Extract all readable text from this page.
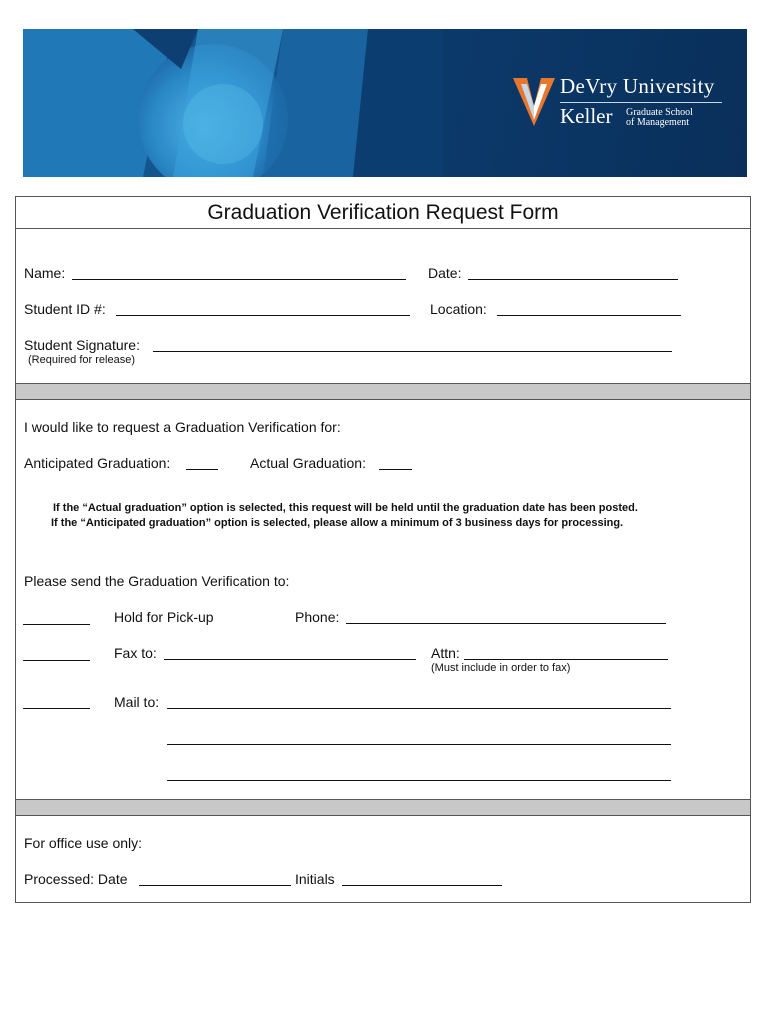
DeVry University
Keller Graduate School
of Management
Graduation Verification Request Form
Name:	Date:
Student ID #:	Location:
Student Signature:
(Required for release)
I would like to request a Graduation Verification for:
Anticipated Graduation:	Actual Graduation:
If the “Actual graduation” option is selected, this request will be held until the graduation date has been posted.
If the “Anticipated graduation” option is selected, please allow a minimum of 3 business days for processing.
Please send the Graduation Verification to:
Hold for Pick-up	Phone:
Fax to:	Attn:
(Must include in order to fax)
Mail to:
For office use only:
Processed: Date	Initials
